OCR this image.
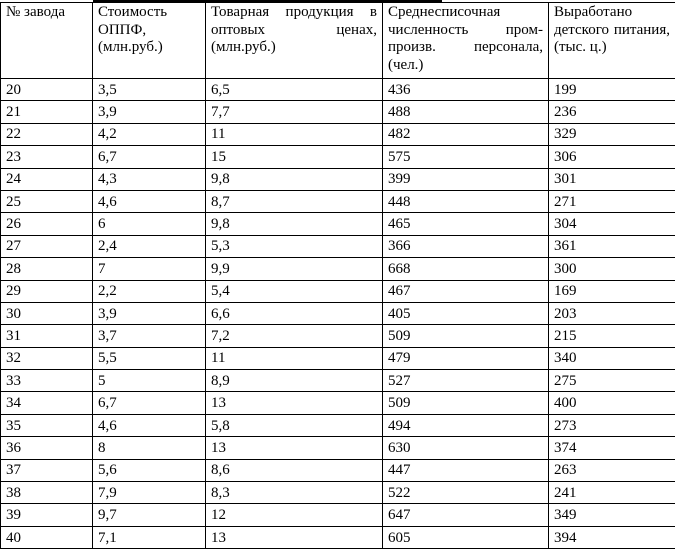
№ завода	Стоимость ОППФ, (млн.руб.)	Товарная продукция в оптовых ценах, (млн.руб.)	Среднесписочная численность пром-произв. персонала, (чел.)	Выработано детского питания, (тыс. ц.)
20	3,5	6,5	436	199
21	3,9	7,7	488	236
22	4,2	11	482	329
23	6,7	15	575	306
24	4,3	9,8	399	301
25	4,6	8,7	448	271
26	6	9,8	465	304
27	2,4	5,3	366	361
28	7	9,9	668	300
29	2,2	5,4	467	169
30	3,9	6,6	405	203
31	3,7	7,2	509	215
32	5,5	11	479	340
33	5	8,9	527	275
34	6,7	13	509	400
35	4,6	5,8	494	273
36	8	13	630	374
37	5,6	8,6	447	263
38	7,9	8,3	522	241
39	9,7	12	647	349
40	7,1	13	605	394
